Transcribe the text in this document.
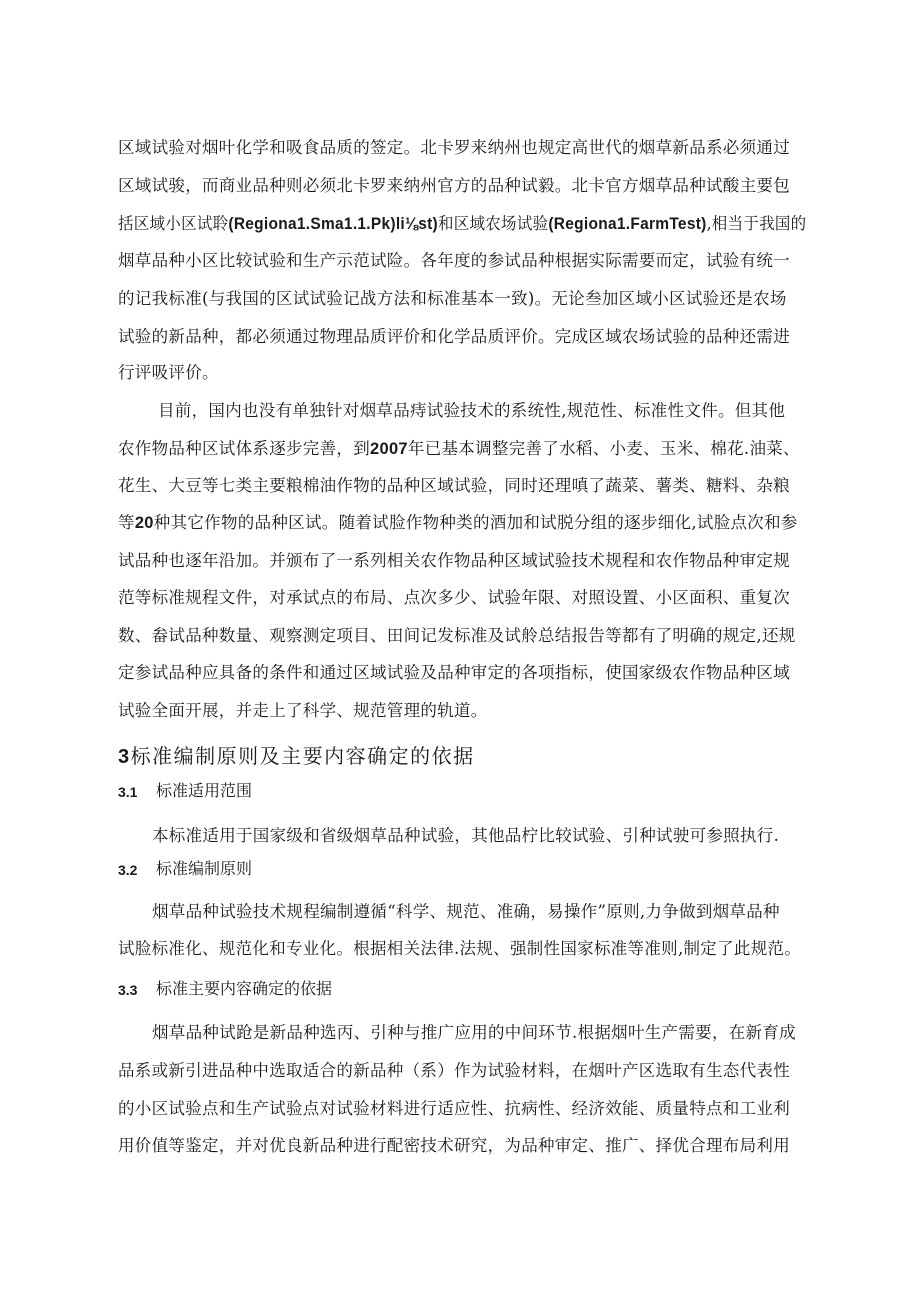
区域试验对烟叶化学和吸食品质的签定。北卡罗来纳州也规定高世代的烟草新品系必须通过
区域试骏，而商业品种则必须北卡罗来纳州官方的品种试毅。北卡官方烟草品种试酸主要包
括区域小区试聆(Regiona1.Sma1.1.Pk)li⅛st)和区域农场试验(Regiona1.FarmTest),相当于我国的
烟草品种小区比较试验和生产示范试险。各年度的参试品种根据实际需要而定，试验有统一
的记我标准(与我国的区试试验记战方法和标准基本一致)。无论叁加区域小区试验还是农场
试验的新品种，都必须通过物理品质评价和化学品质评价。完成区域农场试验的品种还需进
行评吸评价。
目前，国内也没有单独针对烟草品痔试验技术的系统性,规范性、标准性文件。但其他
农作物品种区试体系逐步完善，到2007年已基本调整完善了水稻、小麦、玉米、棉花.油菜、
花生、大豆等七类主要粮棉油作物的品种区域试验，同时还理嗔了蔬菜、薯类、糖料、杂粮
等20种其它作物的品种区试。随着试脸作物种类的酒加和试脱分组的逐步细化,试脸点次和参
试品种也逐年沿加。并颁布了一系列相关农作物品种区域试验技术规程和农作物品种审定规
范等标准规程文件，对承试点的布局、点次多少、试验年限、对照设置、小区面积、重复次
数、畚试品种数量、观察测定项目、田间记发标准及试舲总结报告等都有了明确的规定,还规
定参试品种应具备的条件和通过区域试验及品种审定的各项指标，使国家级农作物品种区域
试验全面开展，并走上了科学、规范管理的轨道。
3标准编制原则及主要内容确定的依据
3.1 标准适用范围
本标准适用于国家级和省级烟草品种试验，其他品柠比较试验、引种试驶可参照执行.
3.2 标准编制原则
烟草品种试验技术规程编制遵循“科学、规范、准确，易操作”原则,力争做到烟草品种
试脸标准化、规范化和专业化。根据相关法律.法规、强制性国家标准等准则,制定了此规范。
3.3 标准主要内容确定的依据
烟草品种试跄是新品种选丙、引种与推广应用的中间环节.根据烟叶生产需要，在新育成
品系或新引进品种中选取适合的新品种（系）作为试验材料，在烟叶产区选取有生态代表性
的小区试验点和生产试验点对试验材料进行适应性、抗病性、经济效能、质量特点和工业利
用价值等鉴定，并对优良新品种进行配密技术研究，为品种审定、推广、择优合理布局利用
